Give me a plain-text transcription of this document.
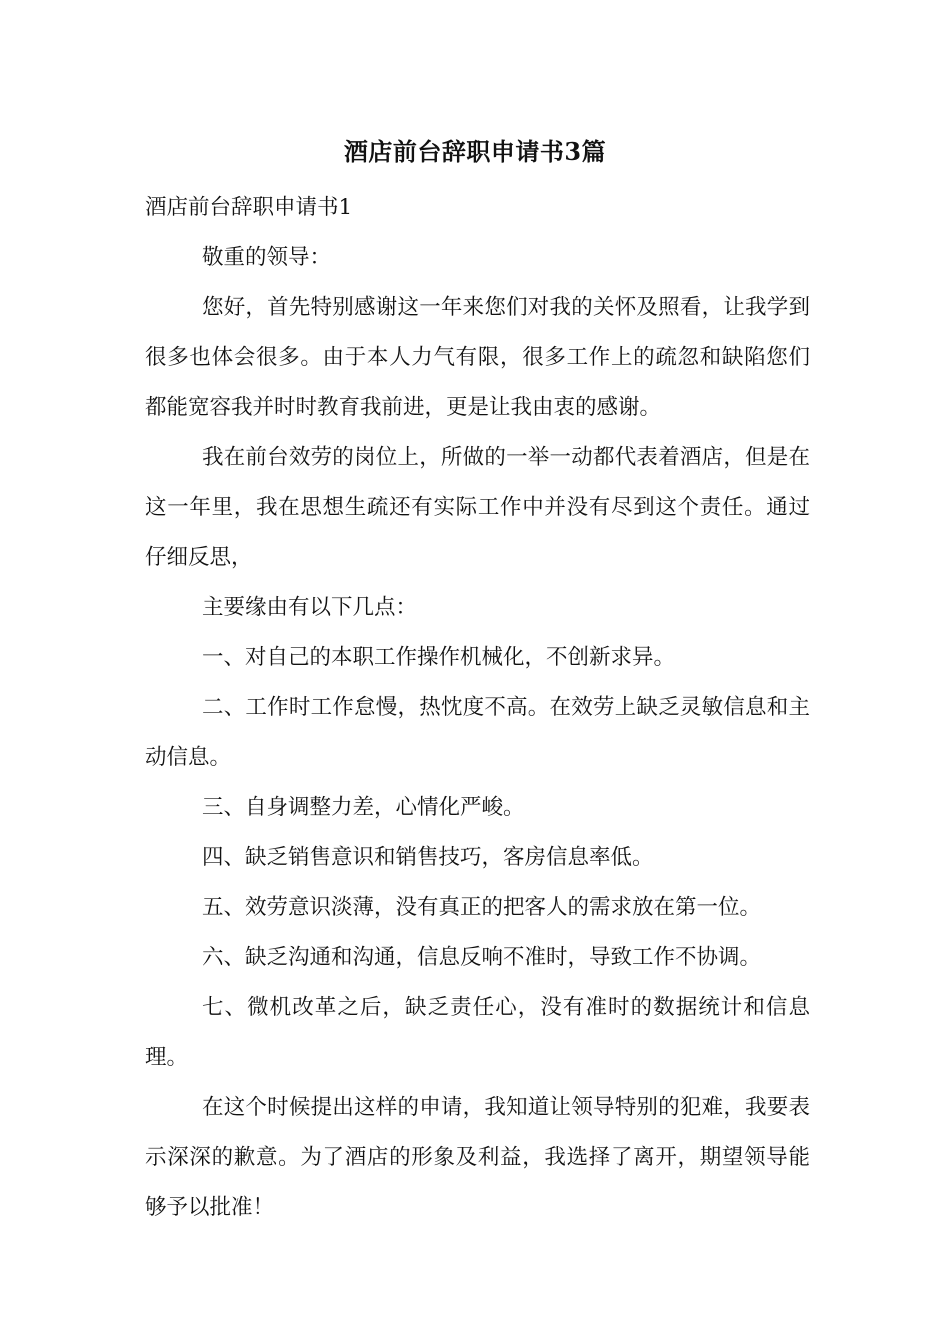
酒店前台辞职申请书3篇

酒店前台辞职申请书1

敬重的领导：

您好，首先特别感谢这一年来您们对我的关怀及照看，让我学到很多也体会很多。由于本人力气有限，很多工作上的疏忽和缺陷您们都能宽容我并时时教育我前进，更是让我由衷的感谢。

我在前台效劳的岗位上，所做的一举一动都代表着酒店，但是在这一年里，我在思想生疏还有实际工作中并没有尽到这个责任。通过仔细反思，

主要缘由有以下几点：

一、对自己的本职工作操作机械化，不创新求异。

二、工作时工作怠慢，热忱度不高。在效劳上缺乏灵敏信息和主动信息。

三、自身调整力差，心情化严峻。

四、缺乏销售意识和销售技巧，客房信息率低。

五、效劳意识淡薄，没有真正的把客人的需求放在第一位。

六、缺乏沟通和沟通，信息反响不准时，导致工作不协调。

七、微机改革之后，缺乏责任心，没有准时的数据统计和信息理。

在这个时候提出这样的申请，我知道让领导特别的犯难，我要表示深深的歉意。为了酒店的形象及利益，我选择了离开，期望领导能够予以批准！
